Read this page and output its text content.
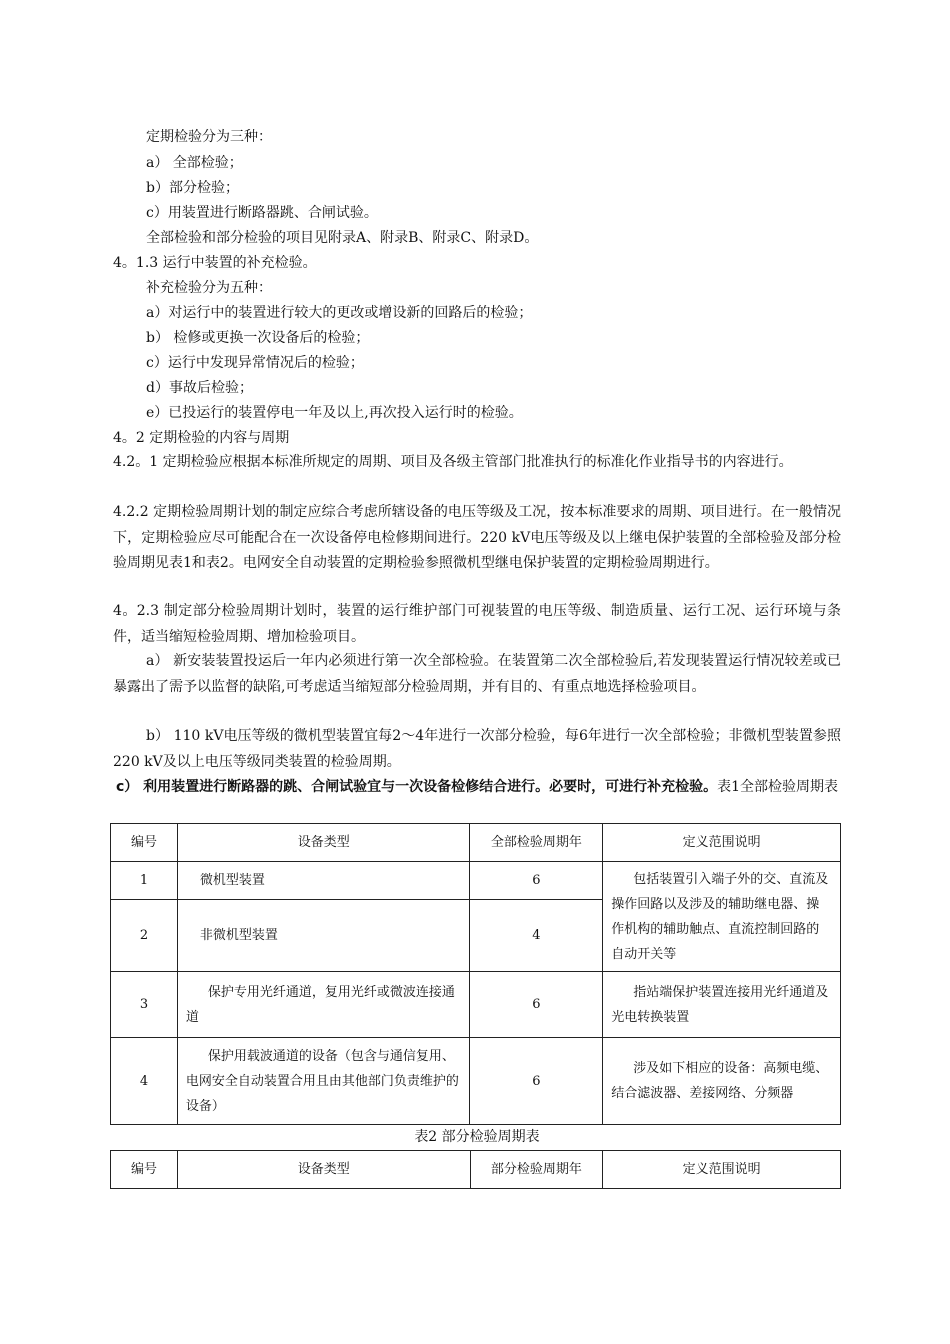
定期检验分为三种：
a） 全部检验；
b）部分检验；
c）用装置进行断路器跳、合闸试验。
全部检验和部分检验的项目见附录A、附录B、附录C、附录D。
4。1.3 运行中装置的补充检验。
补充检验分为五种：
a）对运行中的装置进行较大的更改或增设新的回路后的检验；
b） 检修或更换一次设备后的检验；
c）运行中发现异常情况后的检验；
d）事故后检验；
e）已投运行的装置停电一年及以上,再次投入运行时的检验。
4。2 定期检验的内容与周期
4.2。1 定期检验应根据本标准所规定的周期、项目及各级主管部门批准执行的标准化作业指导书的内容进行。
4.2.2 定期检验周期计划的制定应综合考虑所辖设备的电压等级及工况，按本标准要求的周期、项目进行。在一般情况下，定期检验应尽可能配合在一次设备停电检修期间进行。220 kV电压等级及以上继电保护装置的全部检验及部分检验周期见表1和表2。电网安全自动装置的定期检验参照微机型继电保护装置的定期检验周期进行。
4。2.3 制定部分检验周期计划时，装置的运行维护部门可视装置的电压等级、制造质量、运行工况、运行环境与条件，适当缩短检验周期、增加检验项目。
a） 新安装装置投运后一年内必须进行第一次全部检验。在装置第二次全部检验后,若发现装置运行情况较差或已暴露出了需予以监督的缺陷,可考虑适当缩短部分检验周期，并有目的、有重点地选择检验项目。
b） 110 kV电压等级的微机型装置宜每2～4年进行一次部分检验，每6年进行一次全部检验；非微机型装置参照220 kV及以上电压等级同类装置的检验周期。
c） 利用装置进行断路器的跳、合闸试验宜与一次设备检修结合进行。必要时，可进行补充检验。表1全部检验周期表
编号	设备类型	全部检验周期年	定义范围说明
1	微机型装置	6	包括装置引入端子外的交、直流及操作回路以及涉及的辅助继电器、操作机构的辅助触点、直流控制回路的自动开关等
2	非微机型装置	4	
3	保护专用光纤通道，复用光纤或微波连接通道	6	指站端保护装置连接用光纤通道及光电转换装置
4	保护用载波通道的设备（包含与通信复用、电网安全自动装置合用且由其他部门负责维护的设备）	6	涉及如下相应的设备：高频电缆、结合滤波器、差接网络、分频器
表2 部分检验周期表
编号	设备类型	部分检验周期年	定义范围说明
